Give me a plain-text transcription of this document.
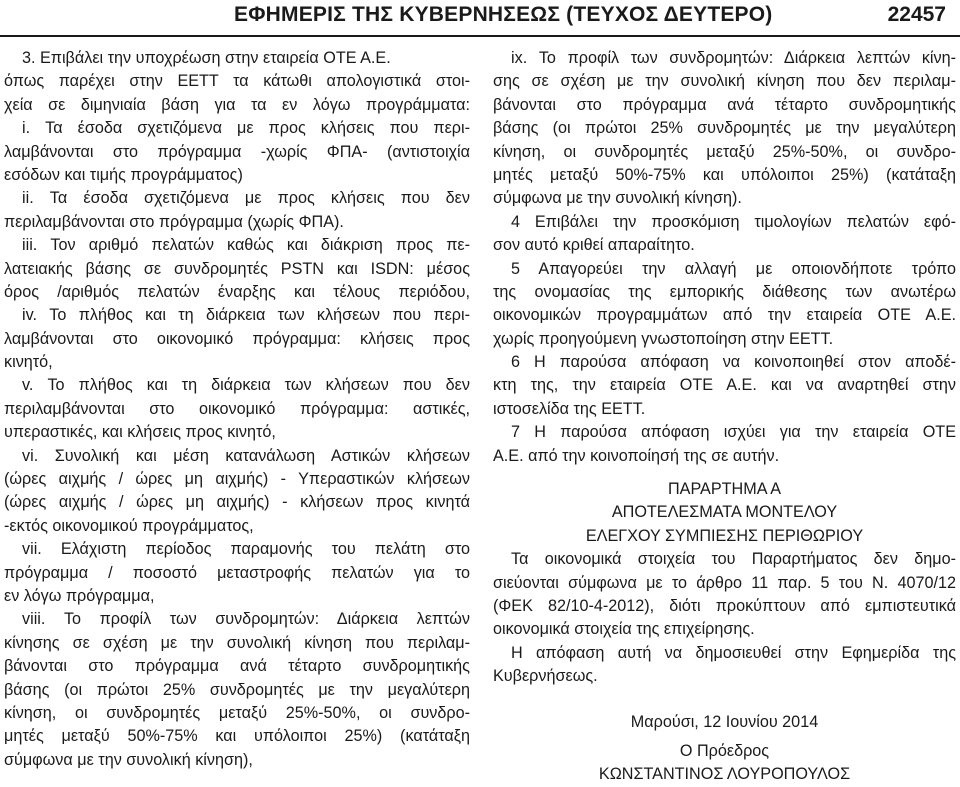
ΕΦΗΜΕΡΙΣ ΤΗΣ ΚΥΒΕΡΝΗΣΕΩΣ (ΤΕΥΧΟΣ ΔΕΥΤΕΡΟ)	22457
3. Επιβάλει την υποχρέωση στην εταιρεία ΟΤΕ Α.Ε.
όπως παρέχει στην ΕΕΤΤ τα κάτωθι απολογιστικά στοι-
χεία σε διμηνιαία βάση για τα εν λόγω προγράμματα:
i. Τα έσοδα σχετιζόμενα με προς κλήσεις που περι-
λαμβάνονται στο πρόγραμμα -χωρίς ΦΠΑ- (αντιστοιχία
εσόδων και τιμής προγράμματος)
ii. Τα έσοδα σχετιζόμενα με προς κλήσεις που δεν
περιλαμβάνονται στο πρόγραμμα (χωρίς ΦΠΑ).
iii. Τον αριθμό πελατών καθώς και διάκριση προς πε-
λατειακής βάσης σε συνδρομητές PSTN και ISDN: μέσος
όρος /αριθμός πελατών έναρξης και τέλους περιόδου,
iv. Το πλήθος και τη διάρκεια των κλήσεων που περι-
λαμβάνονται στο οικονομικό πρόγραμμα: κλήσεις προς
κινητό,
v. Το πλήθος και τη διάρκεια των κλήσεων που δεν
περιλαμβάνονται στο οικονομικό πρόγραμμα: αστικές,
υπεραστικές, και κλήσεις προς κινητό,
vi. Συνολική και μέση κατανάλωση Αστικών κλήσεων
(ώρες αιχμής / ώρες μη αιχμής) - Υπεραστικών κλήσεων
(ώρες αιχμής / ώρες μη αιχμής) - κλήσεων προς κινητά
-εκτός οικονομικού προγράμματος,
vii. Ελάχιστη περίοδος παραμονής του πελάτη στο
πρόγραμμα / ποσοστό μεταστροφής πελατών για το
εν λόγω πρόγραμμα,
viii. Το προφίλ των συνδρομητών: Διάρκεια λεπτών
κίνησης σε σχέση με την συνολική κίνηση που περιλαμ-
βάνονται στο πρόγραμμα ανά τέταρτο συνδρομητικής
βάσης (οι πρώτοι 25% συνδρομητές με την μεγαλύτερη
κίνηση, οι συνδρομητές μεταξύ 25%-50%, οι συνδρο-
μητές μεταξύ 50%-75% και υπόλοιποι 25%) (κατάταξη
σύμφωνα με την συνολική κίνηση),
ix. Το προφίλ των συνδρομητών: Διάρκεια λεπτών κίνη-
σης σε σχέση με την συνολική κίνηση που δεν περιλαμ-
βάνονται στο πρόγραμμα ανά τέταρτο συνδρομητικής
βάσης (οι πρώτοι 25% συνδρομητές με την μεγαλύτερη
κίνηση, οι συνδρομητές μεταξύ 25%-50%, οι συνδρο-
μητές μεταξύ 50%-75% και υπόλοιποι 25%) (κατάταξη
σύμφωνα με την συνολική κίνηση).
4 Επιβάλει την προσκόμιση τιμολογίων πελατών εφό-
σον αυτό κριθεί απαραίτητο.
5 Απαγορεύει την αλλαγή με οποιονδήποτε τρόπο
της ονομασίας της εμπορικής διάθεσης των ανωτέρω
οικονομικών προγραμμάτων από την εταιρεία ΟΤΕ Α.Ε.
χωρίς προηγούμενη γνωστοποίηση στην ΕΕΤΤ.
6 Η παρούσα απόφαση να κοινοποιηθεί στον αποδέ-
κτη της, την εταιρεία ΟΤΕ Α.Ε. και να αναρτηθεί στην
ιστοσελίδα της ΕΕΤΤ.
7 Η παρούσα απόφαση ισχύει για την εταιρεία ΟΤΕ
Α.Ε. από την κοινοποίησή της σε αυτήν.
ΠΑΡΑΡΤΗΜΑ Α
ΑΠΟΤΕΛΕΣΜΑΤΑ ΜΟΝΤΕΛΟΥ
ΕΛΕΓΧΟΥ ΣΥΜΠΙΕΣΗΣ ΠΕΡΙΘΩΡΙΟΥ
Τα οικονομικά στοιχεία του Παραρτήματος δεν δημο-
σιεύονται σύμφωνα με το άρθρο 11 παρ. 5 του Ν. 4070/12
(ΦΕΚ 82/10-4-2012), διότι προκύπτουν από εμπιστευτικά
οικονομικά στοιχεία της επιχείρησης.
Η απόφαση αυτή να δημοσιευθεί στην Εφημερίδα της
Κυβερνήσεως.
Μαρούσι, 12 Ιουνίου 2014
Ο Πρόεδρος
ΚΩΝΣΤΑΝΤΙΝΟΣ ΛΟΥΡΟΠΟΥΛΟΣ
